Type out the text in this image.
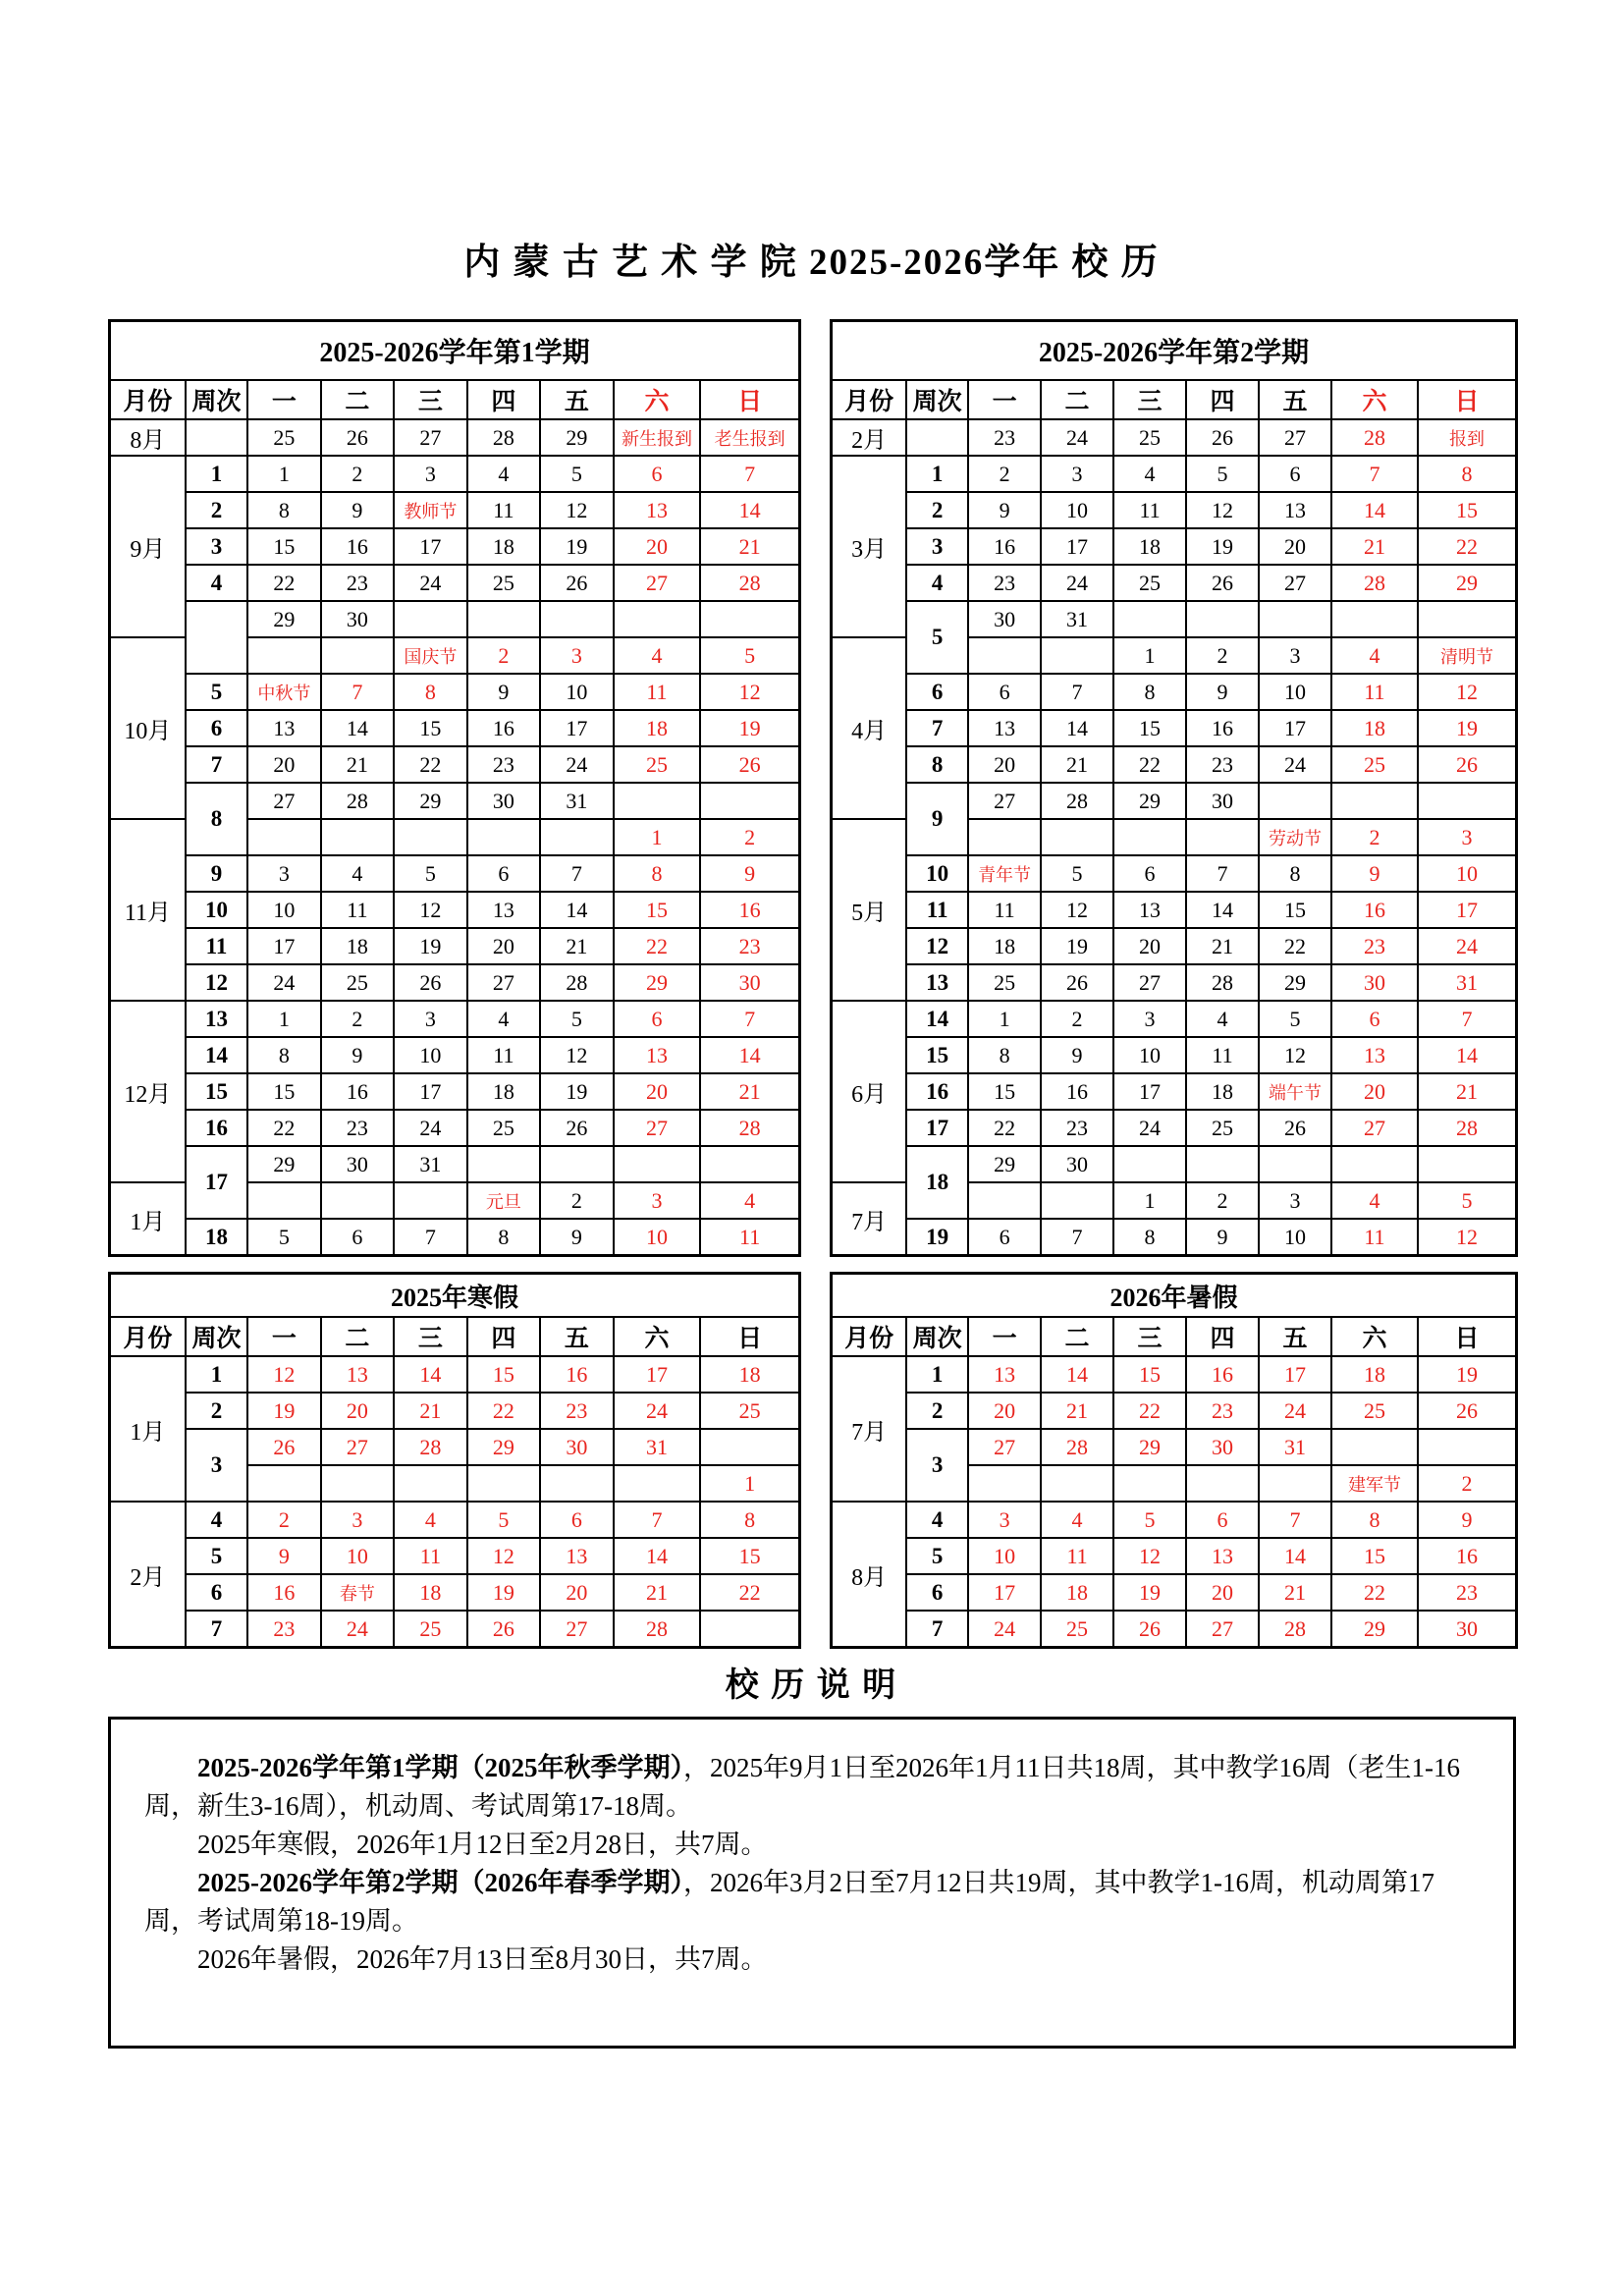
内 蒙 古 艺 术 学 院 2025-2026学年 校 历
2025-2026学年第1学期								
月份	周次	一	二	三	四	五	六	日
8月		25	26	27	28	29	新生报到	老生报到
9月	1	1	2	3	4	5	6	7
	2	8	9	教师节	11	12	13	14
	3	15	16	17	18	19	20	21
	4	22	23	24	25	26	27	28
		29	30					
10月				国庆节	2	3	4	5
	5	中秋节	7	8	9	10	11	12
	6	13	14	15	16	17	18	19
	7	20	21	22	23	24	25	26
	8	27	28	29	30	31		
11月							1	2
	9	3	4	5	6	7	8	9
	10	10	11	12	13	14	15	16
	11	17	18	19	20	21	22	23
	12	24	25	26	27	28	29	30
12月	13	1	2	3	4	5	6	7
	14	8	9	10	11	12	13	14
	15	15	16	17	18	19	20	21
	16	22	23	24	25	26	27	28
	17	29	30	31				
1月					元旦	2	3	4
	18	5	6	7	8	9	10	11
2025-2026学年第2学期								
月份	周次	一	二	三	四	五	六	日
2月		23	24	25	26	27	28	报到
3月	1	2	3	4	5	6	7	8
	2	9	10	11	12	13	14	15
	3	16	17	18	19	20	21	22
	4	23	24	25	26	27	28	29
	5	30	31					
4月				1	2	3	4	清明节
	6	6	7	8	9	10	11	12
	7	13	14	15	16	17	18	19
	8	20	21	22	23	24	25	26
	9	27	28	29	30			
5月						劳动节	2	3
	10	青年节	5	6	7	8	9	10
	11	11	12	13	14	15	16	17
	12	18	19	20	21	22	23	24
	13	25	26	27	28	29	30	31
6月	14	1	2	3	4	5	6	7
	15	8	9	10	11	12	13	14
	16	15	16	17	18	端午节	20	21
	17	22	23	24	25	26	27	28
	18	29	30					
7月				1	2	3	4	5
	19	6	7	8	9	10	11	12
2025年寒假								
月份	周次	一	二	三	四	五	六	日
1月	1	12	13	14	15	16	17	18
	2	19	20	21	22	23	24	25
	3	26	27	28	29	30	31	
								1
2月	4	2	3	4	5	6	7	8
	5	9	10	11	12	13	14	15
	6	16	春节	18	19	20	21	22
	7	23	24	25	26	27	28	
2026年暑假								
月份	周次	一	二	三	四	五	六	日
7月	1	13	14	15	16	17	18	19
	2	20	21	22	23	24	25	26
	3	27	28	29	30	31		
							建军节	2
8月	4	3	4	5	6	7	8	9
	5	10	11	12	13	14	15	16
	6	17	18	19	20	21	22	23
	7	24	25	26	27	28	29	30
校 历 说 明

2025-2026学年第1学期（2025年秋季学期），2025年9月1日至2026年1月11日共18周，其中教学16周（老生1-16周，新生3-16周），机动周、考试周第17-18周。

2025年寒假，2026年1月12日至2月28日，共7周。

2025-2026学年第2学期（2026年春季学期），2026年3月2日至7月12日共19周，其中教学1-16周，机动周第17周，考试周第18-19周。

2026年暑假，2026年7月13日至8月30日，共7周。
